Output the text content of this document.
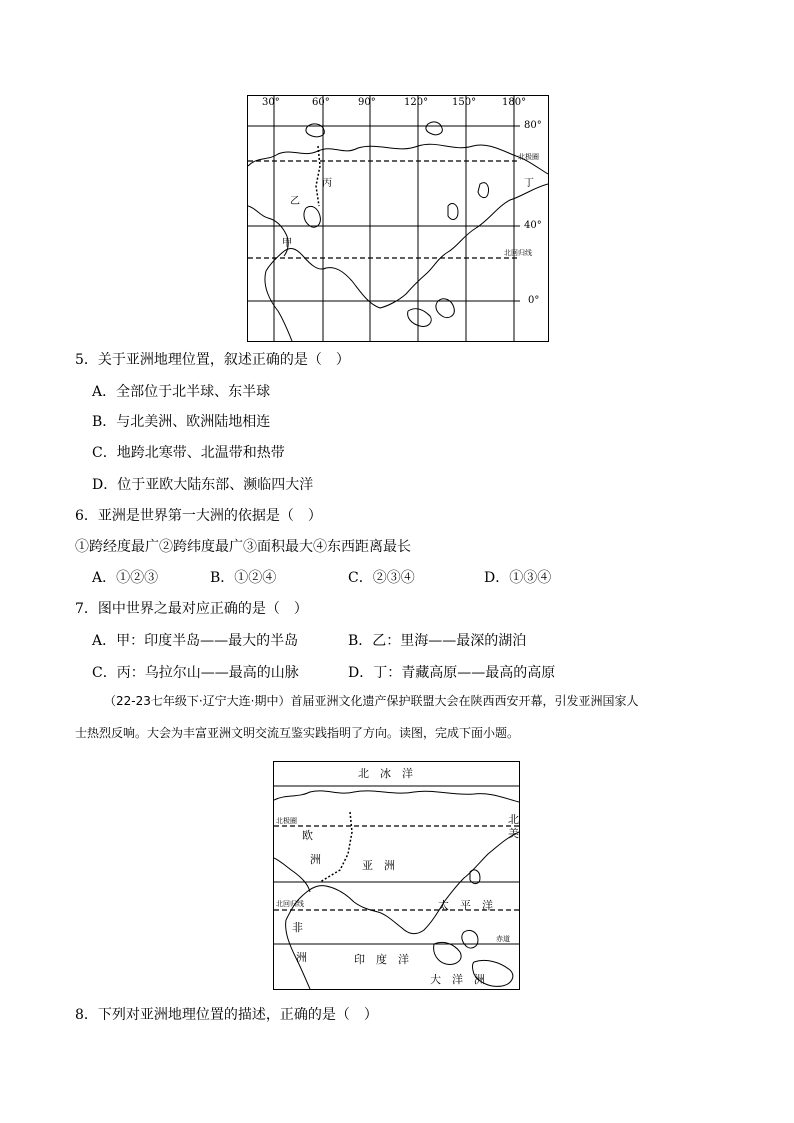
30°	60°	90°	120° 150°	180°
80°
40°
0°
北极圈
北回归线
丙
乙
甲
丁
5．关于亚洲地理位置，叙述正确的是（　）
A．全部位于北半球、东半球
B．与北美洲、欧洲陆地相连
C．地跨北寒带、北温带和热带
D．位于亚欧大陆东部、濒临四大洋
6．亚洲是世界第一大洲的依据是（　）
①跨经度最广②跨纬度最广③面积最大④东西距离最长
A．①②③	B．①②④	C．②③④	D．①③④
7．图中世界之最对应正确的是（　）
A．甲：印度半岛——最大的半岛	B．乙：里海——最深的湖泊
C．丙：乌拉尔山——最高的山脉	D．丁：青藏高原——最高的高原
（22-23七年级下·辽宁大连·期中）首届亚洲文化遗产保护联盟大会在陕西西安开幕，引发亚洲国家人
士热烈反响。大会为丰富亚洲文明交流互鉴实践指明了方向。读图，完成下面小题。
北　冰　洋
北极圈
欧
洲	亚　洲
北
美
北回归线	太　平　洋
非
赤道
洲	印　度　洋
大　洋　洲
8．下列对亚洲地理位置的描述，正确的是（　）
